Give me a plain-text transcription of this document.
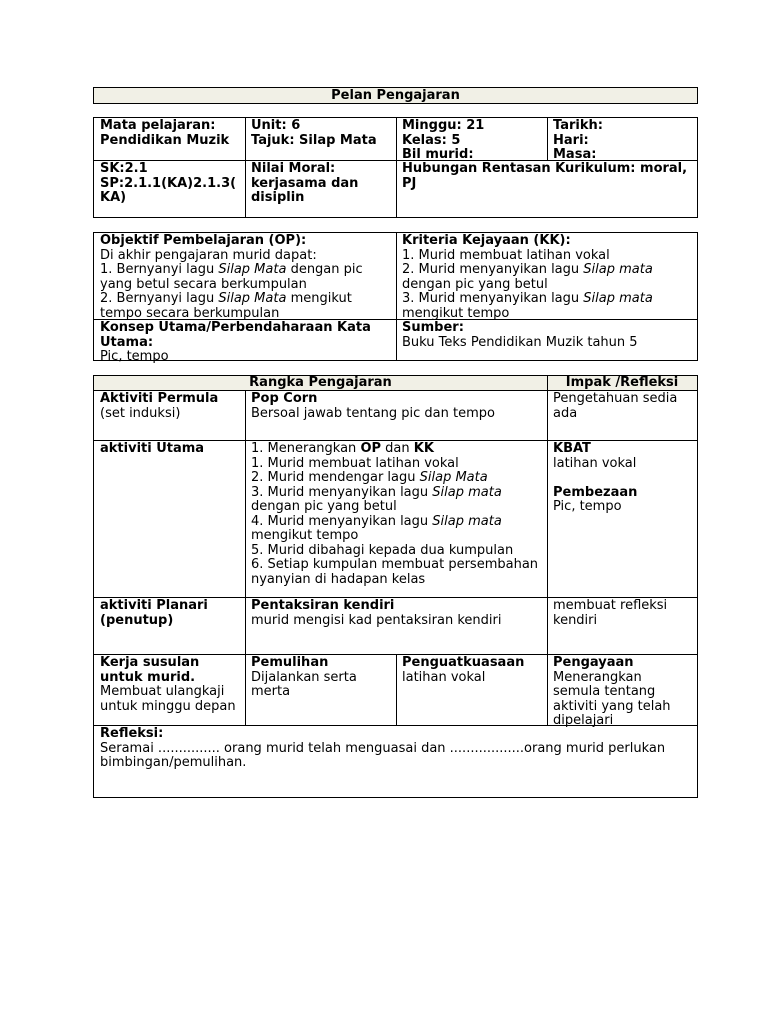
Pelan Pengajaran
Mata pelajaran:
Pendidikan Muzik
Unit: 6
Tajuk: Silap Mata
Minggu: 21
Kelas: 5
Bil murid:
Tarikh:
Hari:
Masa:
SK:2.1
SP:2.1.1(KA)2.1.3(
KA)
Nilai Moral:
kerjasama dan
disiplin
Hubungan Rentasan Kurikulum: moral,
PJ
Objektif Pembelajaran (OP):
Di akhir pengajaran murid dapat:
1. Bernyanyi lagu Silap Mata dengan pic
yang betul secara berkumpulan
2. Bernyanyi lagu Silap Mata mengikut
tempo secara berkumpulan
Kriteria Kejayaan (KK):
1. Murid membuat latihan vokal
2. Murid menyanyikan lagu Silap mata
dengan pic yang betul
3. Murid menyanyikan lagu Silap mata
mengikut tempo
Konsep Utama/Perbendaharaan Kata
Utama:
Pic, tempo
Sumber:
Buku Teks Pendidikan Muzik tahun 5
Rangka Pengajaran	Impak /Refleksi
Aktiviti Permula
(set induksi)
Pop Corn
Bersoal jawab tentang pic dan tempo
Pengetahuan sedia
ada
aktiviti Utama	1. Menerangkan OP dan KK
1. Murid membuat latihan vokal
2. Murid mendengar lagu Silap Mata
3. Murid menyanyikan lagu Silap mata
dengan pic yang betul
4. Murid menyanyikan lagu Silap mata
mengikut tempo
5. Murid dibahagi kepada dua kumpulan
6. Setiap kumpulan membuat persembahan
nyanyian di hadapan kelas
KBAT
latihan vokal
Pembezaan
Pic, tempo
aktiviti Planari
(penutup)
Pentaksiran kendiri
murid mengisi kad pentaksiran kendiri
membuat refleksi
kendiri
Kerja susulan
untuk murid.
Membuat ulangkaji
untuk minggu depan
Pemulihan
Dijalankan serta
merta
Penguatkuasaan
latihan vokal
Pengayaan
Menerangkan
semula tentang
aktiviti yang telah
dipelajari
Refleksi:
Seramai ............... orang murid telah menguasai dan ..................orang murid perlukan
bimbingan/pemulihan.
